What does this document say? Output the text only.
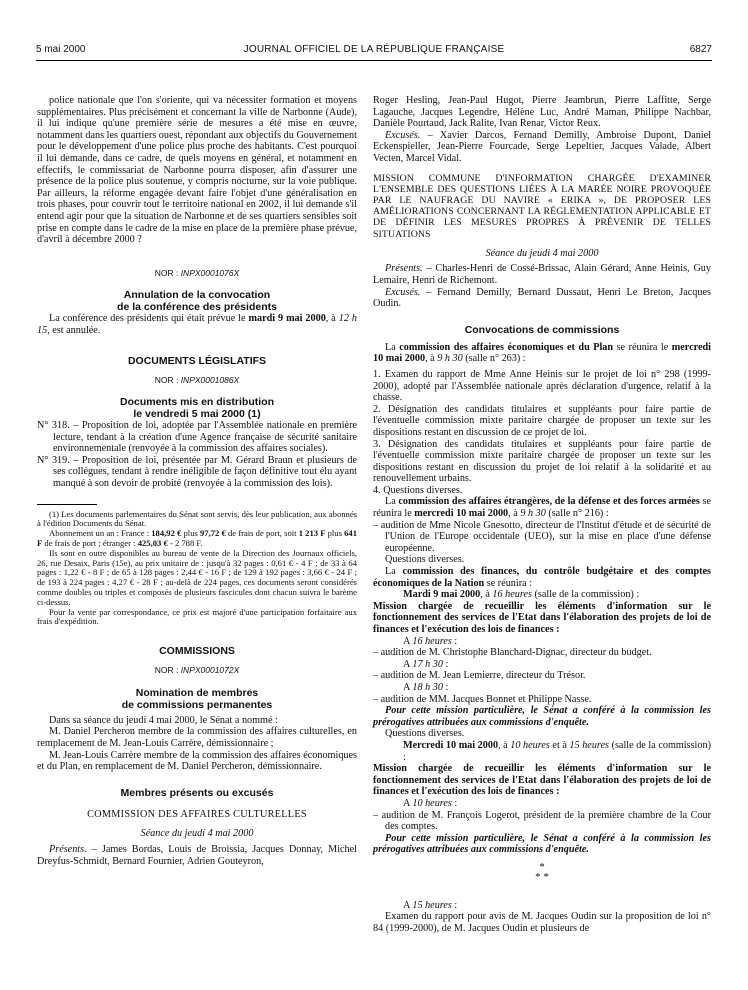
5 mai 2000	JOURNAL OFFICIEL DE LA RÉPUBLIQUE FRANÇAISE	6827

police nationale que l'on s'oriente, qui va nécessiter formation et moyens supplémentaires. Plus précisément et concernant la ville de Narbonne (Aude), il lui indique qu'une première série de mesures a été mise en œuvre, notamment dans les quartiers ouest, répondant aux objectifs du Gouvernement pour le développement d'une police plus proche des habitants. C'est pourquoi il lui demande, dans ce cadre, de quels moyens en général, et notamment en effectifs, le commissariat de Narbonne pourra disposer, afin d'assurer une présence de la police plus soutenue, y compris nocturne, sur la voie publique. Par ailleurs, la réforme engagée devant faire l'objet d'une généralisation en trois phases, pour couvrir tout le territoire national en 2002, il lui demande s'il entend agir pour que la situation de Narbonne et de ses quartiers sensibles soit prise en compte dans le cadre de la mise en place de la première phase prévue, d'avril à décembre 2000 ?

NOR : INPX0001076X

Annulation de la convocation
de la conférence des présidents

La conférence des présidents qui était prévue le mardi 9 mai 2000, à 12 h 15, est annulée.

DOCUMENTS LÉGISLATIFS

NOR : INPX0001086X

Documents mis en distribution
le vendredi 5 mai 2000 (1)

N° 318. – Proposition de loi, adoptée par l'Assemblée nationale en première lecture, tendant à la création d'une Agence française de sécurité sanitaire environnementale (renvoyée à la commission des affaires sociales).

N° 319. – Proposition de loi, présentée par M. Gérard Braun et plusieurs de ses collègues, tendant à rendre inéligible de façon définitive tout élu ayant manqué à son devoir de probité (renvoyée à la commission des lois).

(1) Les documents parlementaires du Sénat sont servis, dès leur publication, aux abonnés à l'édition Documents du Sénat.

Abonnement un an : France : 184,92 € plus 97,72 € de frais de port, soit 1 213 F plus 641 F de frais de port ; étranger : 425,03 € - 2 788 F.

Ils sont en outre disponibles au bureau de vente de la Direction des Journaux officiels, 26, rue Desaix, Paris (15e), au prix unitaire de : jusqu'à 32 pages : 0,61 € - 4 F ; de 33 à 64 pages : 1,22 € - 8 F ; de 65 à 128 pages : 2,44 € - 16 F ; de 129 à 192 pages : 3,66 € - 24 F ; de 193 à 224 pages : 4,27 € - 28 F ; au-delà de 224 pages, ces documents seront considérés comme doubles ou triples et composés de plusieurs fascicules dont chacun suivra le barème ci-dessus.

Pour la vente par correspondance, ce prix est majoré d'une participation forfaitaire aux frais d'expédition.

COMMISSIONS

NOR : INPX0001072X

Nomination de membres
de commissions permanentes

Dans sa séance du jeudi 4 mai 2000, le Sénat a nommé :

M. Daniel Percheron membre de la commission des affaires culturelles, en remplacement de M. Jean-Louis Carrère, démissionnaire ;

M. Jean-Louis Carrère membre de la commission des affaires économiques et du Plan, en remplacement de M. Daniel Percheron, démissionnaire.

Membres présents ou excusés

COMMISSION DES AFFAIRES CULTURELLES

Séance du jeudi 4 mai 2000

Présents. – James Bordas, Louis de Broissia, Jacques Donnay, Michel Dreyfus-Schmidt, Bernard Fournier, Adrien Gouteyron,

Roger Hesling, Jean-Paul Hugot, Pierre Jeambrun, Pierre Laffitte, Serge Lagauche, Jacques Legendre, Hélène Luc, André Maman, Philippe Nachbar, Danièle Pourtaud, Jack Ralite, Ivan Renar, Victor Reux.

Excusés. – Xavier Darcos, Fernand Demilly, Ambroise Dupont, Daniel Eckenspieller, Jean-Pierre Fourcade, Serge Lepeltier, Jacques Valade, Albert Vecten, Marcel Vidal.

MISSION COMMUNE D'INFORMATION CHARGÉE D'EXAMINER L'ENSEMBLE DES QUESTIONS LIÉES À LA MARÉE NOIRE PROVOQUÉE PAR LE NAUFRAGE DU NAVIRE « ERIKA », DE PROPOSER LES AMÉLIORATIONS CONCERNANT LA RÉGLEMENTATION APPLICABLE ET DE DÉFINIR LES MESURES PROPRES À PRÉVENIR DE TELLES SITUATIONS

Séance du jeudi 4 mai 2000

Présents. – Charles-Henri de Cossé-Brissac, Alain Gérard, Anne Heinis, Guy Lemaire, Henri de Richemont.

Excusés. – Fernand Demilly, Bernard Dussaut, Henri Le Breton, Jacques Oudin.

Convocations de commissions

La commission des affaires économiques et du Plan se réunira le mercredi 10 mai 2000, à 9 h 30 (salle n° 263) :

1. Examen du rapport de Mme Anne Heinis sur le projet de loi n° 298 (1999-2000), adopté par l'Assemblée nationale après déclaration d'urgence, relatif à la chasse.

2. Désignation des candidats titulaires et suppléants pour faire partie de l'éventuelle commission mixte paritaire chargée de proposer un texte sur les dispositions restant en discussion de ce projet de loi.

3. Désignation des candidats titulaires et suppléants pour faire partie de l'éventuelle commission mixte paritaire chargée de proposer un texte sur les dispositions restant en discussion du projet de loi relatif à la solidarité et au renouvellement urbains.

4. Questions diverses.

La commission des affaires étrangères, de la défense et des forces armées se réunira le mercredi 10 mai 2000, à 9 h 30 (salle n° 216) :

– audition de Mme Nicole Gnesotto, directeur de l'Institut d'étude et de sécurité de l'Union de l'Europe occidentale (UEO), sur la mise en place d'une défense européenne.

Questions diverses.

La commission des finances, du contrôle budgétaire et des comptes économiques de la Nation se réunira :

Mardi 9 mai 2000, à 16 heures (salle de la commission) :

Mission chargée de recueillir les éléments d'information sur le fonctionnement des services de l'Etat dans l'élaboration des projets de loi de finances et l'exécution des lois de finances :

A 16 heures :

– audition de M. Christophe Blanchard-Dignac, directeur du budget.

A 17 h 30 :

– audition de M. Jean Lemierre, directeur du Trésor.

A 18 h 30 :

– audition de MM. Jacques Bonnet et Philippe Nasse.

Pour cette mission particulière, le Sénat a conféré à la commission les prérogatives attribuées aux commissions d'enquête.

Questions diverses.

Mercredi 10 mai 2000, à 10 heures et à 15 heures (salle de la commission) :

Mission chargée de recueillir les éléments d'information sur le fonctionnement des services de l'Etat dans l'élaboration des projets de loi de finances et l'exécution des lois de finances :

A 10 heures :

– audition de M. François Logerot, président de la première chambre de la Cour des comptes.

Pour cette mission particulière, le Sénat a conféré à la commission les prérogatives attribuées aux commissions d'enquête.

*
* *

A 15 heures :

Examen du rapport pour avis de M. Jacques Oudin sur la proposition de loi n° 84 (1999-2000), de M. Jacques Oudin et plusieurs de
